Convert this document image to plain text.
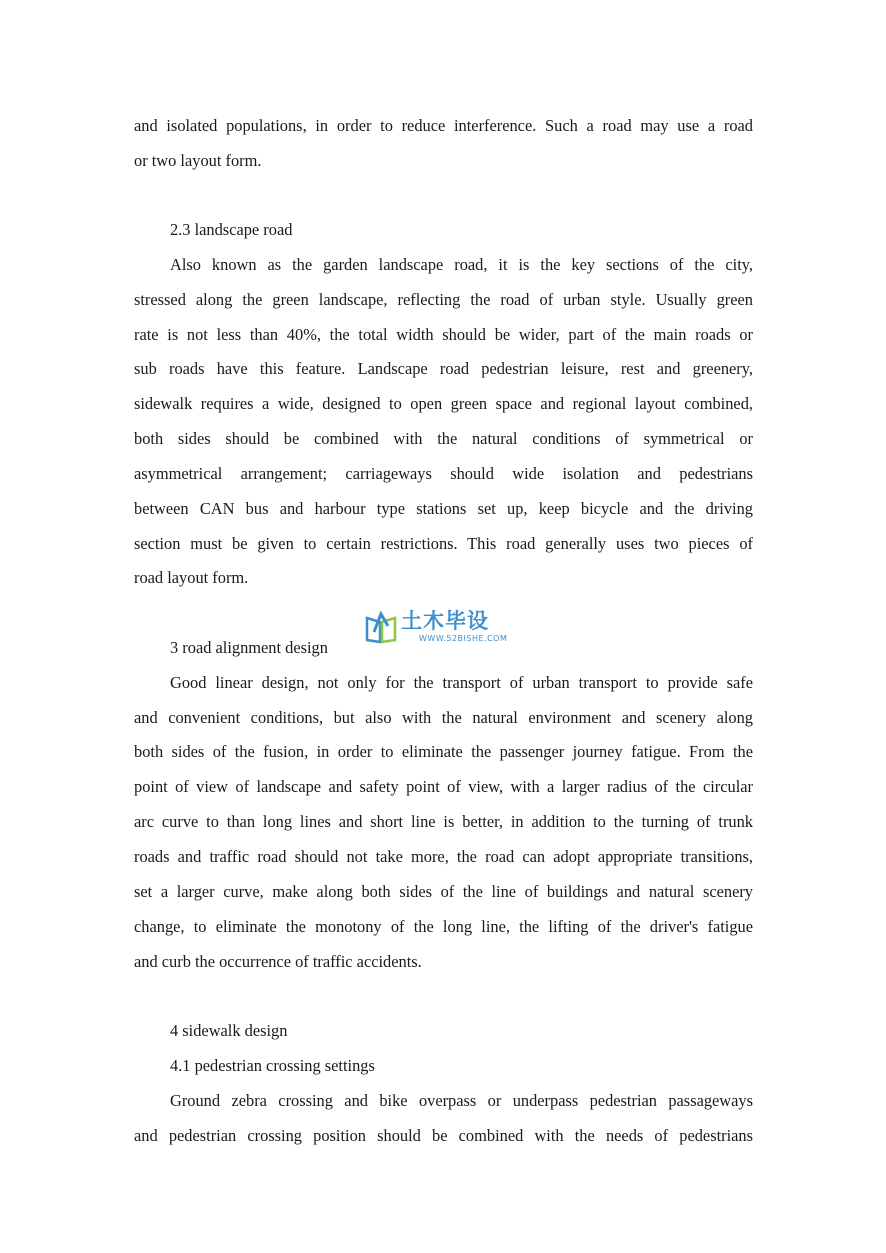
and isolated populations, in order to reduce interference. Such a road may use a road
or two layout form.
2.3 landscape road
Also known as the garden landscape road, it is the key sections of the city,
stressed along the green landscape, reflecting the road of urban style. Usually green
rate is not less than 40%, the total width should be wider, part of the main roads or
sub roads have this feature. Landscape road pedestrian leisure, rest and greenery,
sidewalk requires a wide, designed to open green space and regional layout combined,
both sides should be combined with the natural conditions of symmetrical or
asymmetrical arrangement; carriageways should wide isolation and pedestrians
between CAN bus and harbour type stations set up, keep bicycle and the driving
section must be given to certain restrictions. This road generally uses two pieces of
road layout form.
土木毕设
WWW.52BISHE.COM
3 road alignment design
Good linear design, not only for the transport of urban transport to provide safe
and convenient conditions, but also with the natural environment and scenery along
both sides of the fusion, in order to eliminate the passenger journey fatigue. From the
point of view of landscape and safety point of view, with a larger radius of the circular
arc curve to than long lines and short line is better, in addition to the turning of trunk
roads and traffic road should not take more, the road can adopt appropriate transitions,
set a larger curve, make along both sides of the line of buildings and natural scenery
change, to eliminate the monotony of the long line, the lifting of the driver's fatigue
and curb the occurrence of traffic accidents.
4 sidewalk design
4.1 pedestrian crossing settings
Ground zebra crossing and bike overpass or underpass pedestrian passageways
and pedestrian crossing position should be combined with the needs of pedestrians
